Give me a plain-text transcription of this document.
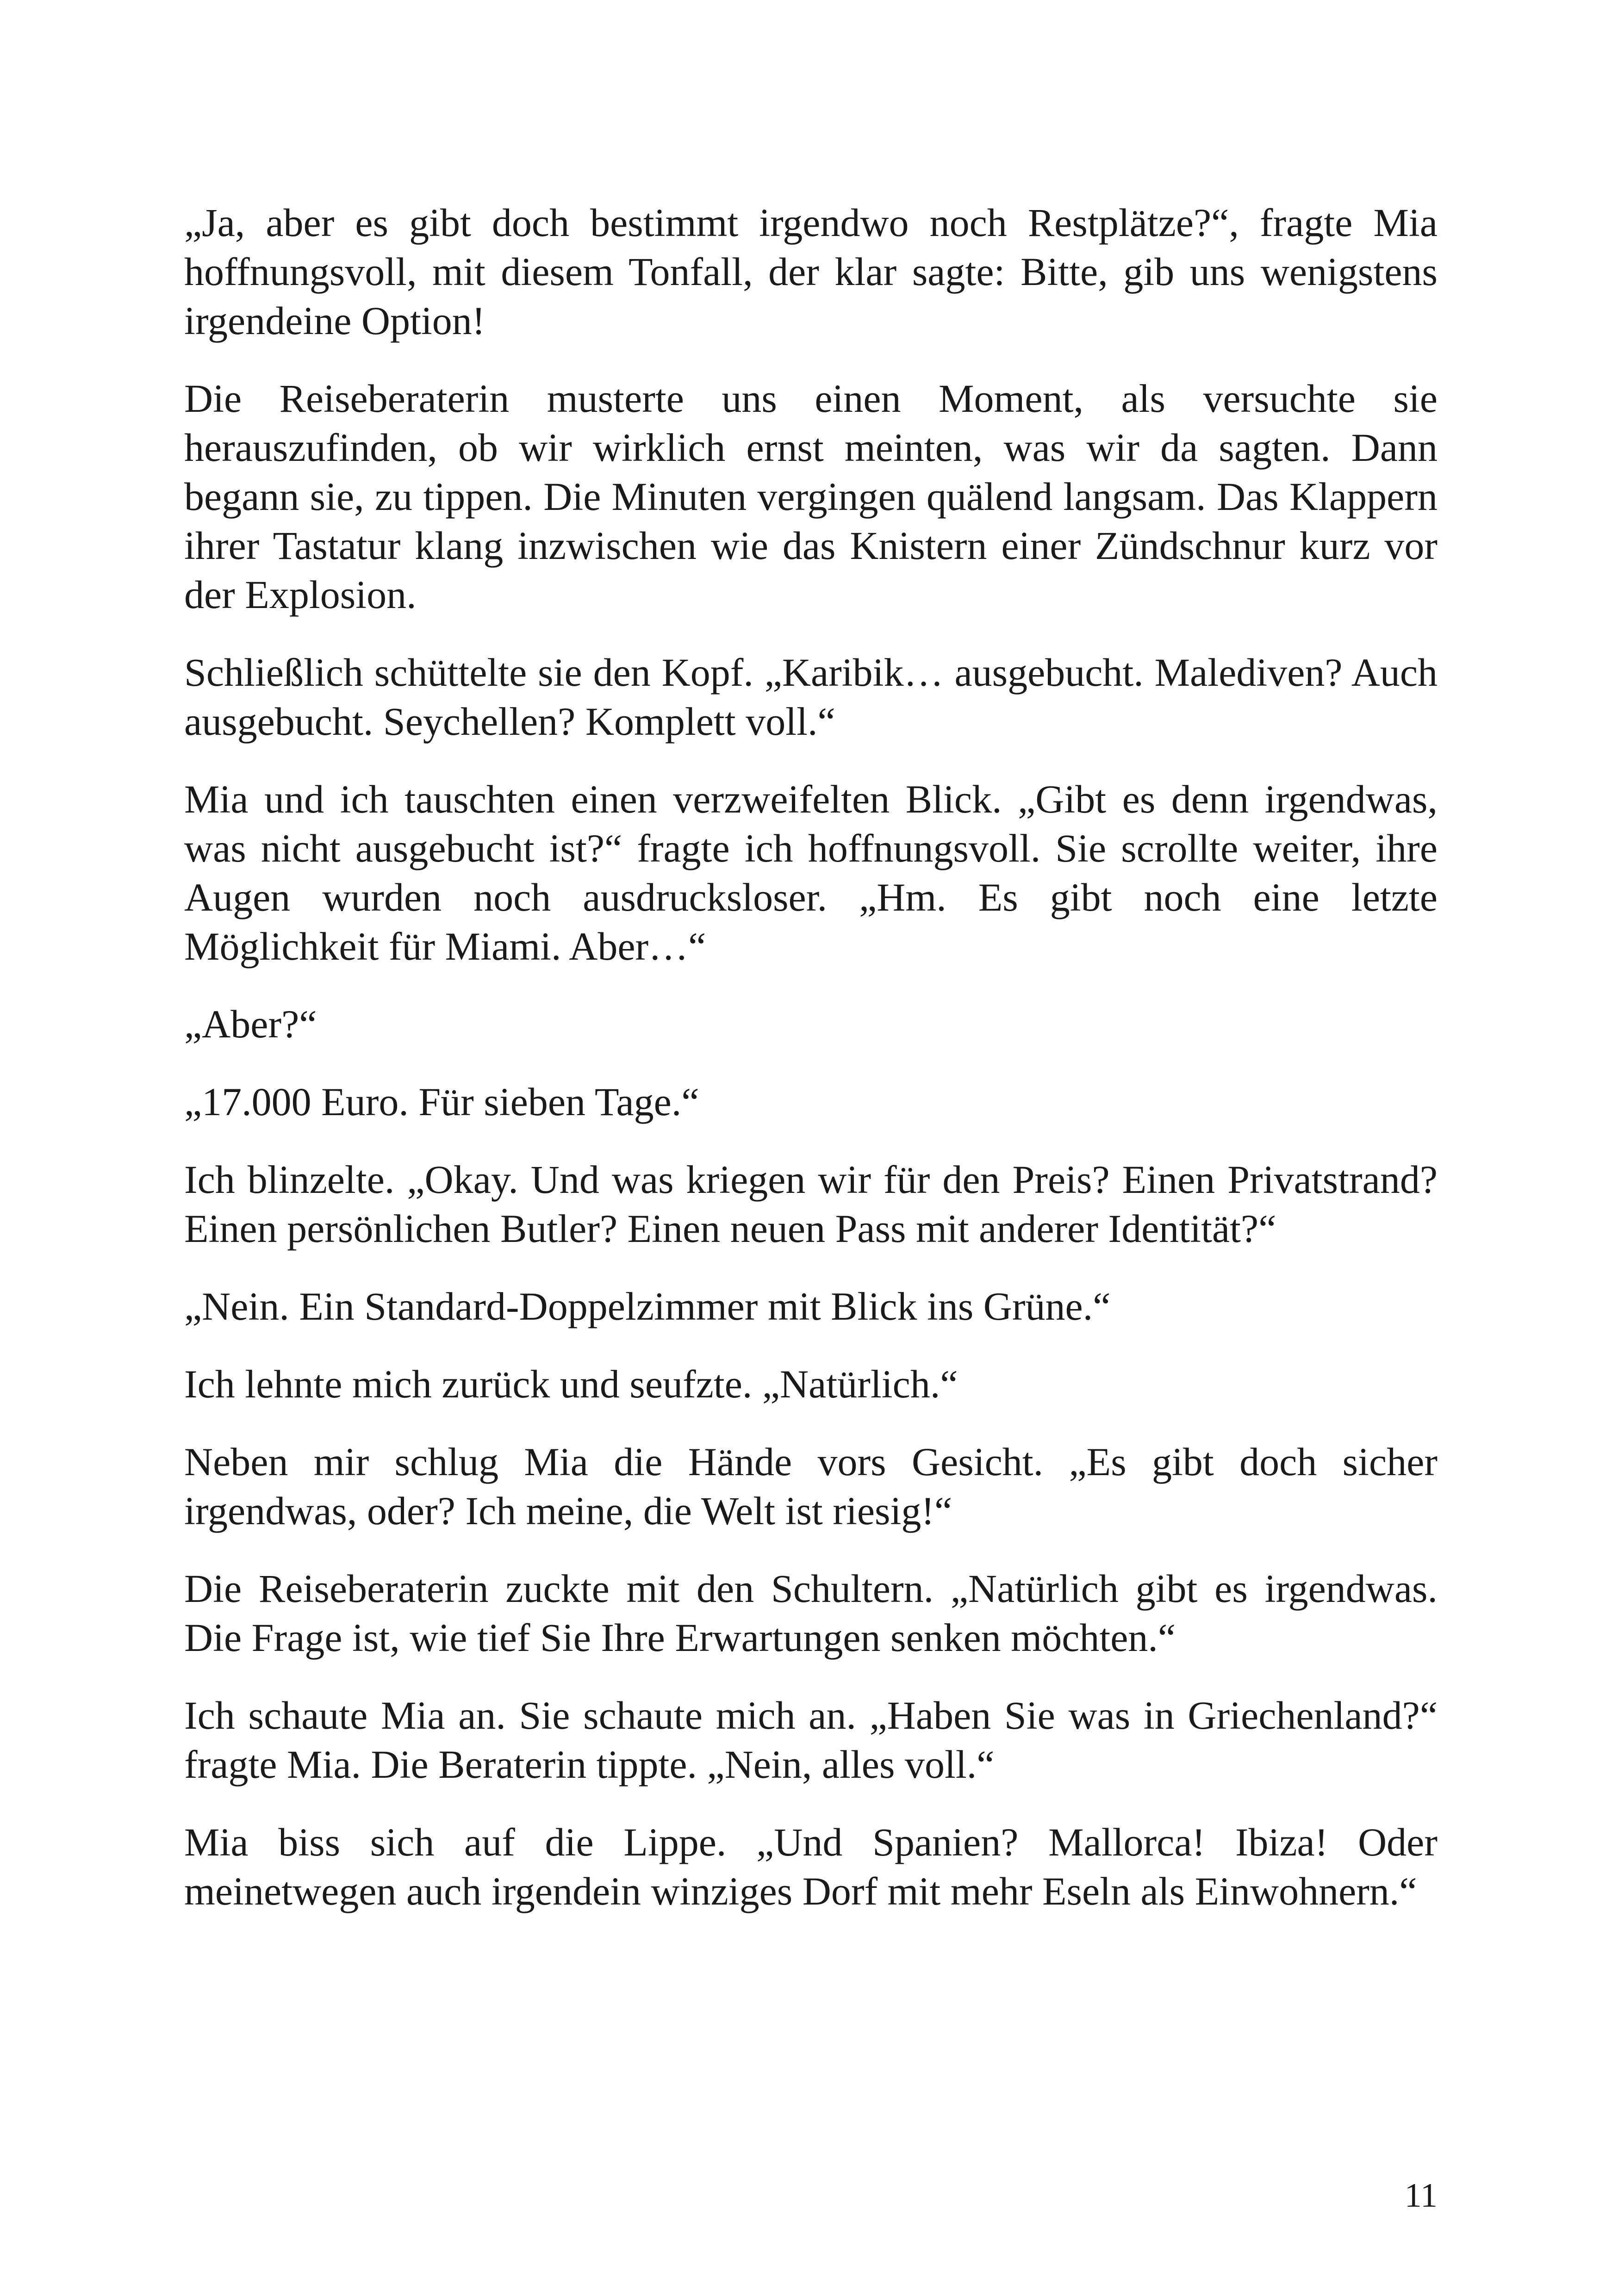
„Ja, aber es gibt doch bestimmt irgendwo noch Restplätze?“, fragte Mia hoffnungsvoll, mit diesem Tonfall, der klar sagte: Bitte, gib uns wenigstens irgendeine Option!

Die Reiseberaterin musterte uns einen Moment, als versuchte sie herauszufinden, ob wir wirklich ernst meinten, was wir da sagten. Dann begann sie, zu tippen. Die Minuten vergingen quälend langsam. Das Klappern ihrer Tastatur klang inzwischen wie das Knistern einer Zündschnur kurz vor der Explosion.

Schließlich schüttelte sie den Kopf. „Karibik… ausgebucht. Malediven? Auch ausgebucht. Seychellen? Komplett voll.“

Mia und ich tauschten einen verzweifelten Blick. „Gibt es denn irgendwas, was nicht ausgebucht ist?“ fragte ich hoffnungsvoll. Sie scrollte weiter, ihre Augen wurden noch ausdrucksloser. „Hm. Es gibt noch eine letzte Möglichkeit für Miami. Aber…“

„Aber?“

„17.000 Euro. Für sieben Tage.“

Ich blinzelte. „Okay. Und was kriegen wir für den Preis? Einen Privatstrand? Einen persönlichen Butler? Einen neuen Pass mit anderer Identität?“

„Nein. Ein Standard-Doppelzimmer mit Blick ins Grüne.“

Ich lehnte mich zurück und seufzte. „Natürlich.“

Neben mir schlug Mia die Hände vors Gesicht. „Es gibt doch sicher irgendwas, oder? Ich meine, die Welt ist riesig!“

Die Reiseberaterin zuckte mit den Schultern. „Natürlich gibt es irgendwas. Die Frage ist, wie tief Sie Ihre Erwartungen senken möchten.“

Ich schaute Mia an. Sie schaute mich an. „Haben Sie was in Griechenland?“ fragte Mia. Die Beraterin tippte. „Nein, alles voll.“

Mia biss sich auf die Lippe. „Und Spanien? Mallorca! Ibiza! Oder meinetwegen auch irgendein winziges Dorf mit mehr Eseln als Einwohnern.“

11
